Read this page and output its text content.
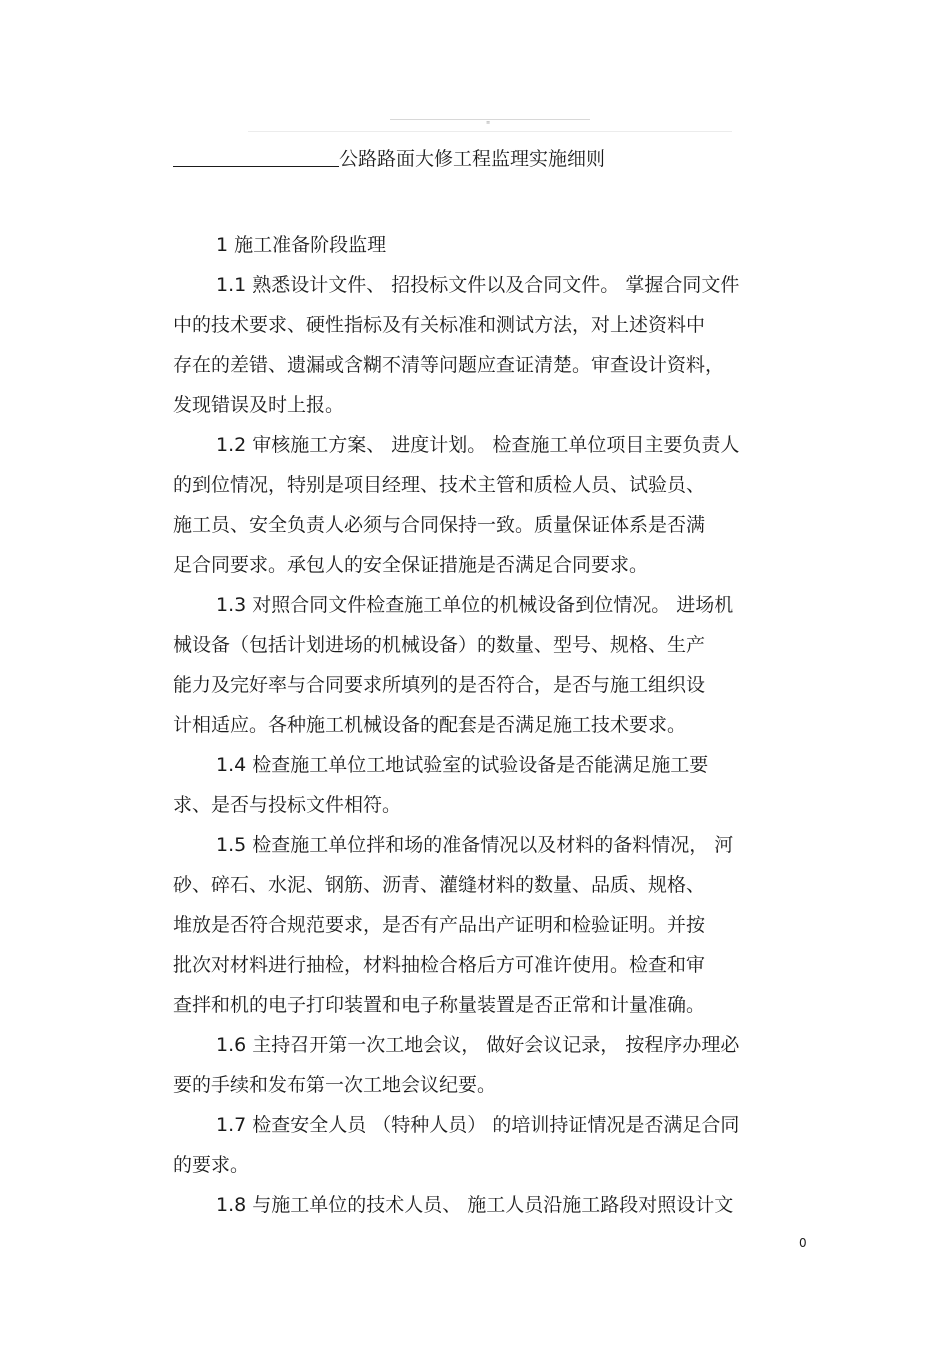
≡
公路路面大修工程监理实施细则
1 施工准备阶段监理
1.1 熟悉设计文件、 招投标文件以及合同文件。 掌握合同文件
中的技术要求、硬性指标及有关标准和测试方法，对上述资料中
存在的差错、遗漏或含糊不清等问题应查证清楚。审查设计资料，
发现错误及时上报。
1.2 审核施工方案、 进度计划。 检查施工单位项目主要负责人
的到位情况，特别是项目经理、技术主管和质检人员、试验员、
施工员、安全负责人必须与合同保持一致。质量保证体系是否满
足合同要求。承包人的安全保证措施是否满足合同要求。
1.3 对照合同文件检查施工单位的机械设备到位情况。 进场机
械设备（包括计划进场的机械设备）的数量、型号、规格、生产
能力及完好率与合同要求所填列的是否符合，是否与施工组织设
计相适应。各种施工机械设备的配套是否满足施工技术要求。
1.4 检查施工单位工地试验室的试验设备是否能满足施工要
求、是否与投标文件相符。
1.5 检查施工单位拌和场的准备情况以及材料的备料情况， 河
砂、碎石、水泥、钢筋、沥青、灌缝材料的数量、品质、规格、
堆放是否符合规范要求，是否有产品出产证明和检验证明。并按
批次对材料进行抽检，材料抽检合格后方可准许使用。检查和审
查拌和机的电子打印装置和电子称量装置是否正常和计量准确。
1.6 主持召开第一次工地会议， 做好会议记录， 按程序办理必
要的手续和发布第一次工地会议纪要。
1.7 检查安全人员 （特种人员） 的培训持证情况是否满足合同
的要求。
1.8 与施工单位的技术人员、 施工人员沿施工路段对照设计文
0
